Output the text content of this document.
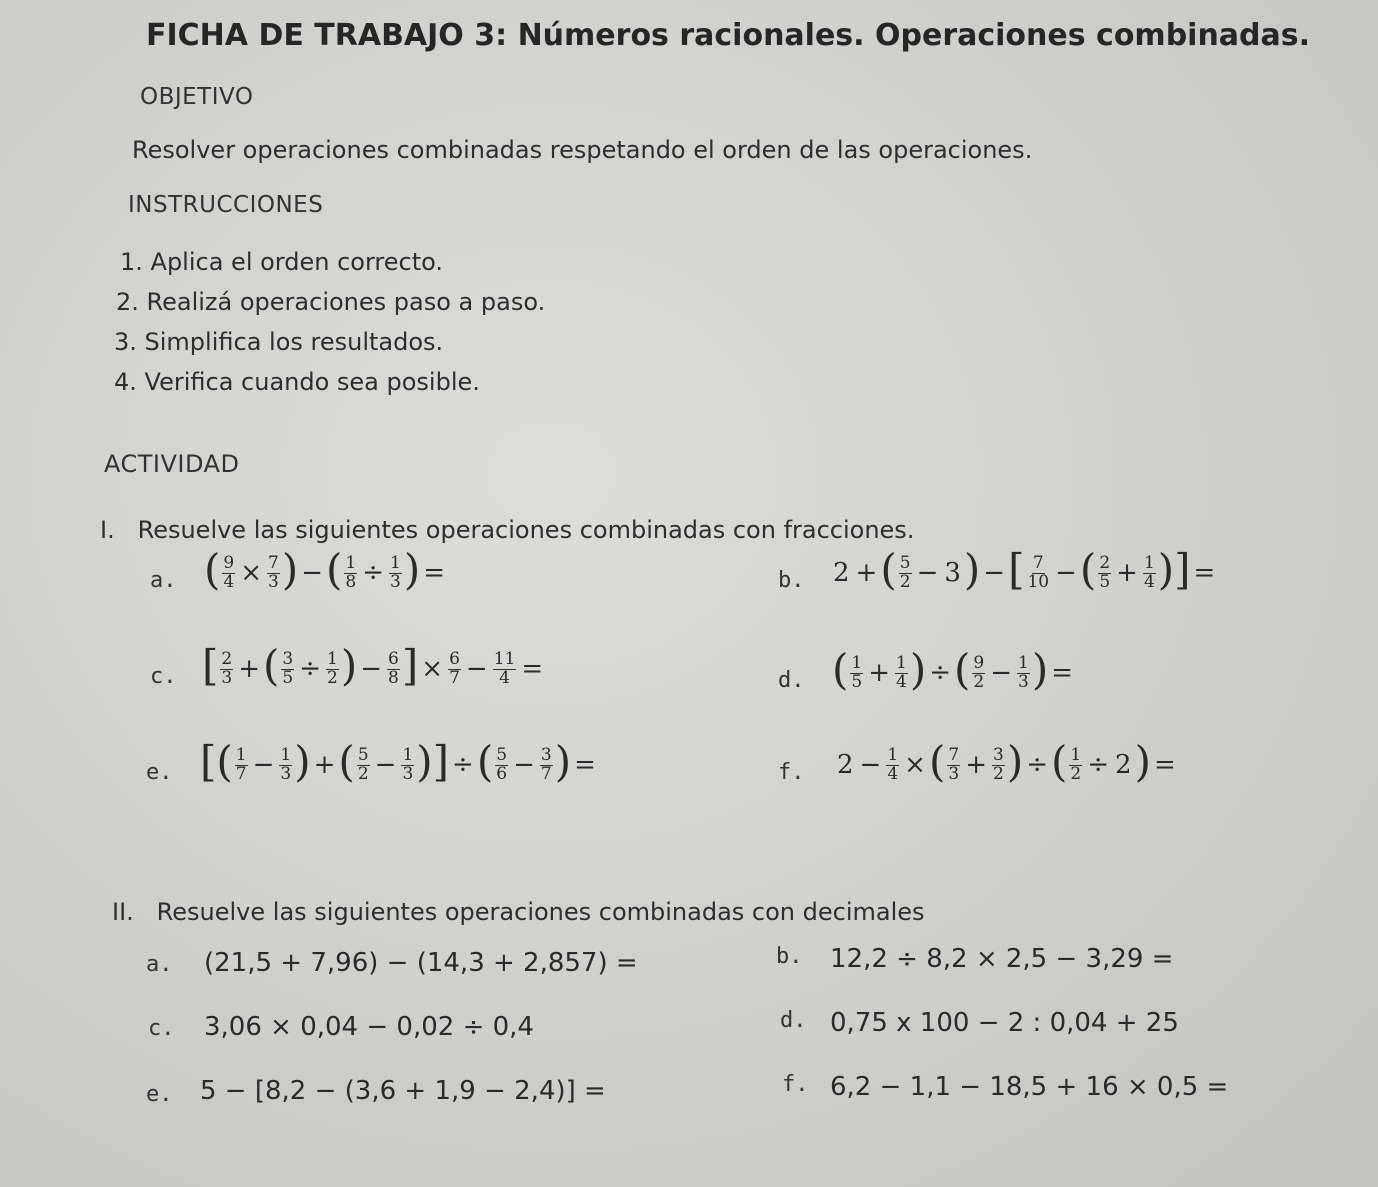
FICHA DE TRABAJO 3: Números racionales. Operaciones combinadas.
OBJETIVO
Resolver operaciones combinadas respetando el orden de las operaciones.
INSTRUCCIONES
1. Aplica el orden correcto.
2. Realizá operaciones paso a paso.
3. Simplifica los resultados.
4. Verifica cuando sea posible.
ACTIVIDAD
I.   Resuelve las siguientes operaciones combinadas con fracciones.
a. ( $\frac{9}{4} \times \frac{7}{3}$ ) − ( $\frac{1}{8} \div \frac{1}{3}$ ) =	b. 2 + ( $\frac{5}{2} - 3$ ) − [ $\frac{7}{10}$ − ( $\frac{2}{5} + \frac{1}{4}$ ) ] =
c. [ $\frac{2}{3}$ + ( $\frac{3}{5} \div \frac{1}{2}$ ) − $\frac{6}{8}$ ] × $\frac{6}{7} - \frac{11}{4}$ =	d. ( $\frac{1}{5} + \frac{1}{4}$ ) ÷ ( $\frac{9}{2} - \frac{1}{3}$ ) =
e. [ ( $\frac{1}{7} - \frac{1}{3}$ ) + ( $\frac{5}{2} - \frac{1}{3}$ ) ] ÷ ( $\frac{5}{6} - \frac{3}{7}$ ) =	f. $2 - \frac{1}{4}$ × ( $\frac{7}{3} + \frac{3}{2}$ ) ÷ ( $\frac{1}{2} \div 2$ ) =
II.   Resuelve las siguientes operaciones combinadas con decimales
a. (21,5 + 7,96) − (14,3 + 2,857) =	b. 12,2 ÷ 8,2 × 2,5 − 3,29 =
c. 3,06 × 0,04 − 0,02 ÷ 0,4	d. 0,75 x 100 − 2 : 0,04 + 25
e. 5 − [8,2 − (3,6 + 1,9 − 2,4)] =	f. 6,2 − 1,1 − 18,5 + 16 × 0,5 =
